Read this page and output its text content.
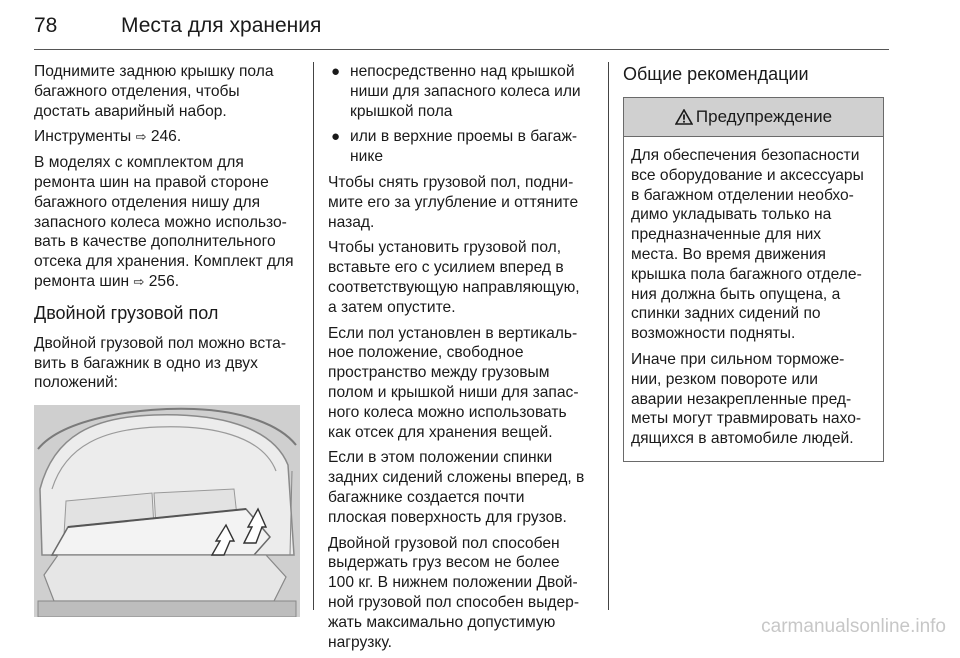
78	Места для хранения

Поднимите заднюю крышку пола
багажного отделения, чтобы
достать аварийный набор.

Инструменты ⇨ 246.

В моделях с комплектом для
ремонта шин на правой стороне
багажного отделения нишу для
запасного колеса можно использо-
вать в качестве дополнительного
отсека для хранения. Комплект для
ремонта шин ⇨ 256.

Двойной грузовой пол

Двойной грузовой пол можно вста-
вить в багажник в одно из двух
положений:

● непосредственно над крышкой
ниши для запасного колеса или
крышкой пола
● или в верхние проемы в багаж-
нике

Чтобы снять грузовой пол, подни-
мите его за углубление и оттяните
назад.

Чтобы установить грузовой пол,
вставьте его с усилием вперед в
соответствующую направляющую,
а затем опустите.

Если пол установлен в вертикаль-
ное положение, свободное
пространство между грузовым
полом и крышкой ниши для запас-
ного колеса можно использовать
как отсек для хранения вещей.

Если в этом положении спинки
задних сидений сложены вперед, в
багажнике создается почти
плоская поверхность для грузов.

Двойной грузовой пол способен
выдержать груз весом не более
100 кг. В нижнем положении Двой-
ной грузовой пол способен выдер-
жать максимально допустимую
нагрузку.

Общие рекомендации
Предупреждение

Для обеспечения безопасности
все оборудование и аксессуары
в багажном отделении необхо-
димо укладывать только на
предназначенные для них
места. Во время движения
крышка пола багажного отделе-
ния должна быть опущена, а
спинки задних сидений по
возможности подняты.

Иначе при сильном торможе-
нии, резком повороте или
аварии незакрепленные пред-
меты могут травмировать нахо-
дящихся в автомобиле людей.

carmanualsonline.info
